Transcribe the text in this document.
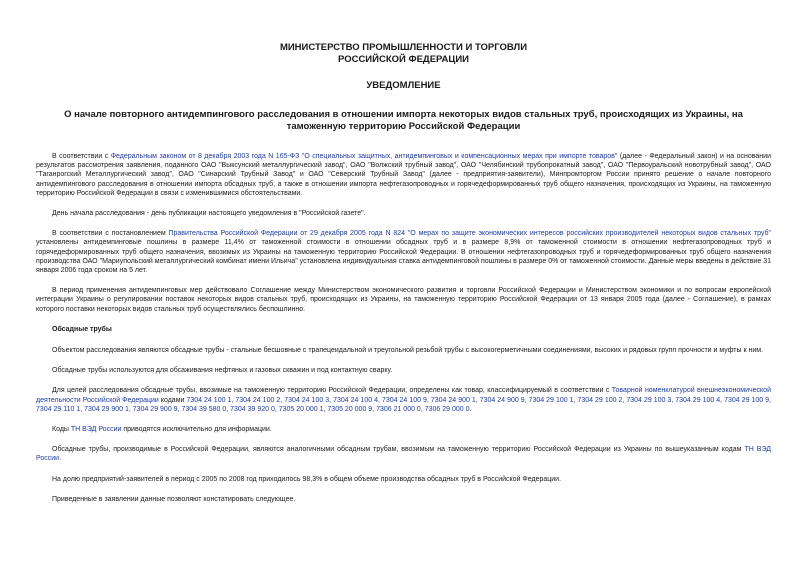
МИНИСТЕРСТВО ПРОМЫШЛЕННОСТИ И ТОРГОВЛИ
РОССИЙСКОЙ ФЕДЕРАЦИИ
УВЕДОМЛЕНИЕ
О начале повторного антидемпингового расследования в отношении импорта некоторых видов стальных труб, происходящих из Украины, на таможенную территорию Российской Федерации

В соответствии с Федеральным законом от 8 декабря 2003 года N 165-ФЗ "О специальных защитных, антидемпинговых и компенсационных мерах при импорте товаров" (далее - Федеральный закон) и на основании результатов рассмотрения заявления, поданного ОАО "Выксунский металлургический завод", ОАО "Волжский трубный завод", ОАО "Челябинский трубопрокатный завод", ОАО "Первоуральский новотрубный завод", ОАО "Таганрогский Металлургический завод", ОАО "Синарский Трубный Завод" и ОАО "Северский Трубный Завод" (далее - предприятия-заявители), Минпромторгом России принято решение о начале повторного антидемпингового расследования в отношении импорта обсадных труб, а также в отношении импорта нефтегазопроводных и горячедеформированных труб общего назначения, происходящих из Украины, на таможенную территорию Российской Федерации в связи с изменившимися обстоятельствами.

День начала расследования - день публикации настоящего уведомления в "Российской газете".

В соответствии с постановлением Правительства Российской Федерации от 29 декабря 2005 года N 824 "О мерах по защите экономических интересов российских производителей некоторых видов стальных труб" установлены антидемпинговые пошлины в размере 11,4% от таможенной стоимости в отношении обсадных труб и в размере 8,9% от таможенной стоимости в отношении нефтегазопроводных труб и горячедеформированных труб общего назначения, ввозимых из Украины на таможенную территорию Российской Федерации. В отношении нефтегазопроводных труб и горячедеформированных труб общего назначения производства ОАО "Мариупольский металлургический комбинат имени Ильича" установлена индивидуальная ставка антидемпинговой пошлины в размере 0% от таможенной стоимости. Данные меры введены в действие 31 января 2006 года сроком на 5 лет.

В период применения антидемпинговых мер действовало Соглашение между Министерством экономического развития и торговли Российской Федерации и Министерством экономики и по вопросам европейской интеграции Украины о регулировании поставок некоторых видов стальных труб, происходящих из Украины, на таможенную территорию Российской Федерации от 13 января 2005 года (далее - Соглашение), в рамках которого поставки некоторых видов стальных труб осуществлялись беспошлинно.

Обсадные трубы

Объектом расследования являются обсадные трубы - стальные бесшовные с трапецеидальной и треугольной резьбой трубы с высокогерметичными соединениями, высоких и рядовых групп прочности и муфты к ним.

Обсадные трубы используются для обсаживания нефтяных и газовых скважин и под контактную сварку.

Для целей расследования обсадные трубы, ввозимые на таможенную территорию Российской Федерации, определены как товар, классифицируемый в соответствии с Товарной номенклатурой внешнеэкономической деятельности Российской Федерации кодами 7304 24 100 1, 7304 24 100 2, 7304 24 100 3, 7304 24 100 4, 7304 24 100 9, 7304 24 900 1, 7304 24 900 9, 7304 29 100 1, 7304 29 100 2, 7304 29 100 3, 7304 29 100 4, 7304 29 100 9, 7304 29 110 1, 7304 29 900 1, 7304 29 900 9, 7304 39 580 0, 7304 39 920 0, 7305 20 000 1, 7305 20 000 9, 7306 21 000 0, 7306 29 000 0.

Коды ТН ВЭД России приводятся исключительно для информации.

Обсадные трубы, производимые в Российской Федерации, являются аналогичными обсадным трубам, ввозимым на таможенную территорию Российской Федерации из Украины по вышеуказанным кодам ТН ВЭД России.

На долю предприятий-заявителей в период с 2005 по 2008 год приходилось 98,3% в общем объеме производства обсадных труб в Российской Федерации.

Приведенные в заявлении данные позволяют констатировать следующее.
